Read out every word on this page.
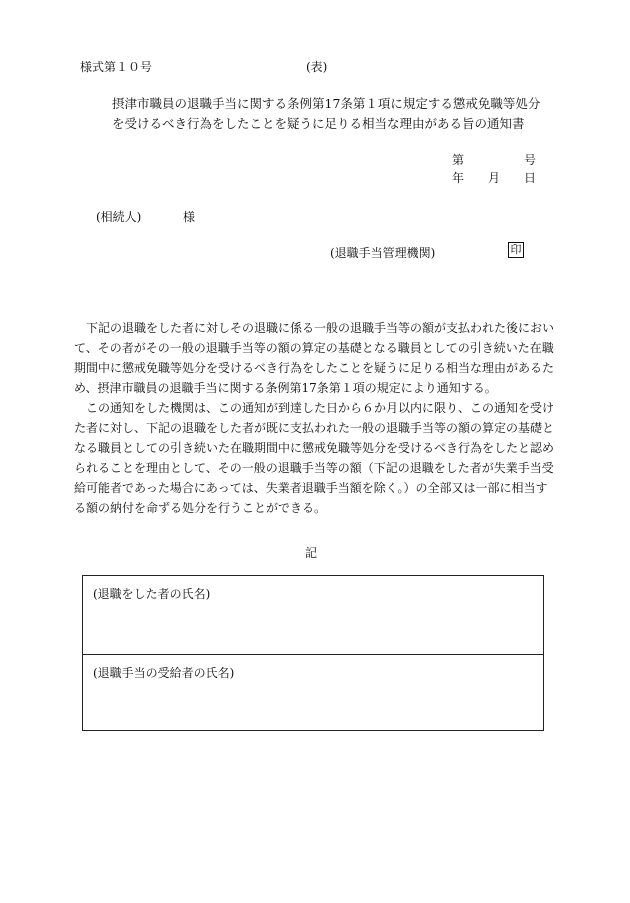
様式第１０号	(表)
摂津市職員の退職手当に関する条例第17条第１項に規定する懲戒免職等処分
を受けるべき行為をしたことを疑うに足りる相当な理由がある旨の通知書
第	号
年 月 日
(相続人)	様
(退職手当管理機関)	印
　下記の退職をした者に対しその退職に係る一般の退職手当等の額が支払われた後におい
て、その者がその一般の退職手当等の額の算定の基礎となる職員としての引き続いた在職
期間中に懲戒免職等処分を受けるべき行為をしたことを疑うに足りる相当な理由があるた
め、摂津市職員の退職手当に関する条例第17条第１項の規定により通知する。
　この通知をした機関は、この通知が到達した日から６か月以内に限り、この通知を受け
た者に対し、下記の退職をした者が既に支払われた一般の退職手当等の額の算定の基礎と
なる職員としての引き続いた在職期間中に懲戒免職等処分を受けるべき行為をしたと認め
られることを理由として、その一般の退職手当等の額（下記の退職をした者が失業手当受
給可能者であった場合にあっては、失業者退職手当額を除く。）の全部又は一部に相当す
る額の納付を命ずる処分を行うことができる。
記
(退職をした者の氏名)
(退職手当の受給者の氏名)
